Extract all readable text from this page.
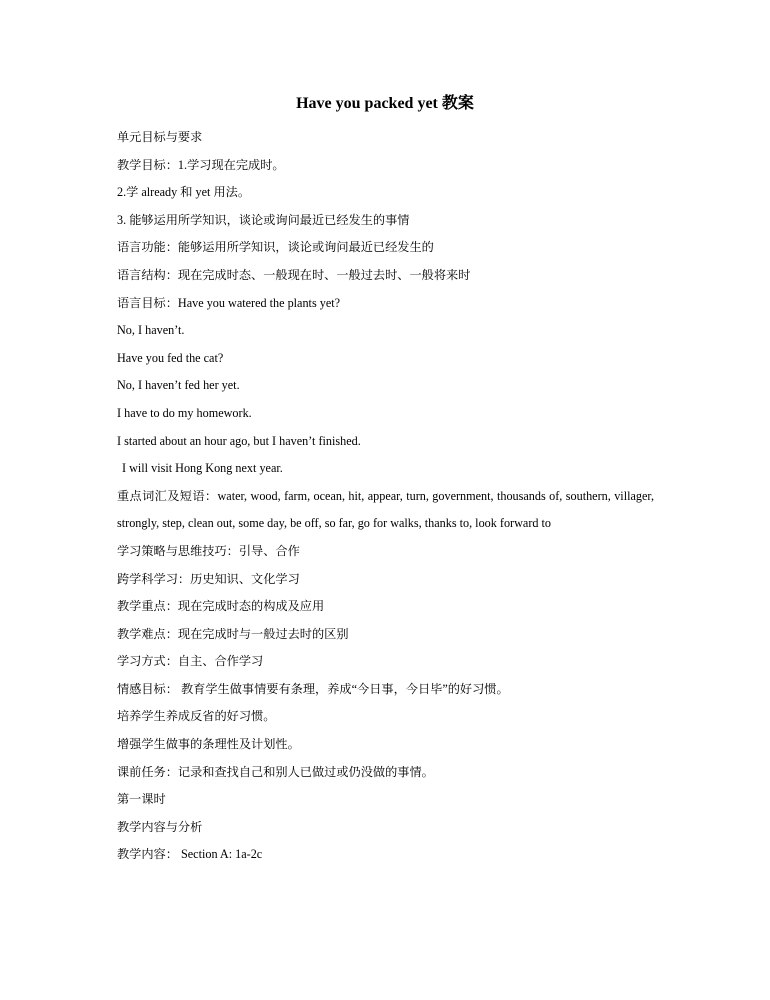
Have you packed yet 教案
单元目标与要求
教学目标：1.学习现在完成时。
2.学 already 和 yet 用法。
3. 能够运用所学知识，谈论或询问最近已经发生的事情
语言功能：能够运用所学知识，谈论或询问最近已经发生的
语言结构：现在完成时态、一般现在时、一般过去时、一般将来时
语言目标：Have you watered the plants yet?
No, I haven’t.
Have you fed the cat?
No, I haven’t fed her yet.
I have to do my homework.
I started about an hour ago, but I haven’t finished.
I will visit Hong Kong next year.
重点词汇及短语：water, wood, farm, ocean, hit, appear, turn, government, thousands of, southern, villager, strongly, step, clean out, some day, be off, so far, go for walks, thanks to, look forward to
学习策略与思维技巧：引导、合作
跨学科学习：历史知识、文化学习
教学重点：现在完成时态的构成及应用
教学难点：现在完成时与一般过去时的区别
学习方式：自主、合作学习
情感目标： 教育学生做事情要有条理，养成“今日事，今日毕”的好习惯。
培养学生养成反省的好习惯。
增强学生做事的条理性及计划性。
课前任务：记录和查找自己和别人已做过或仍没做的事情。
第一课时
教学内容与分析
教学内容： Section A: 1a-2c
